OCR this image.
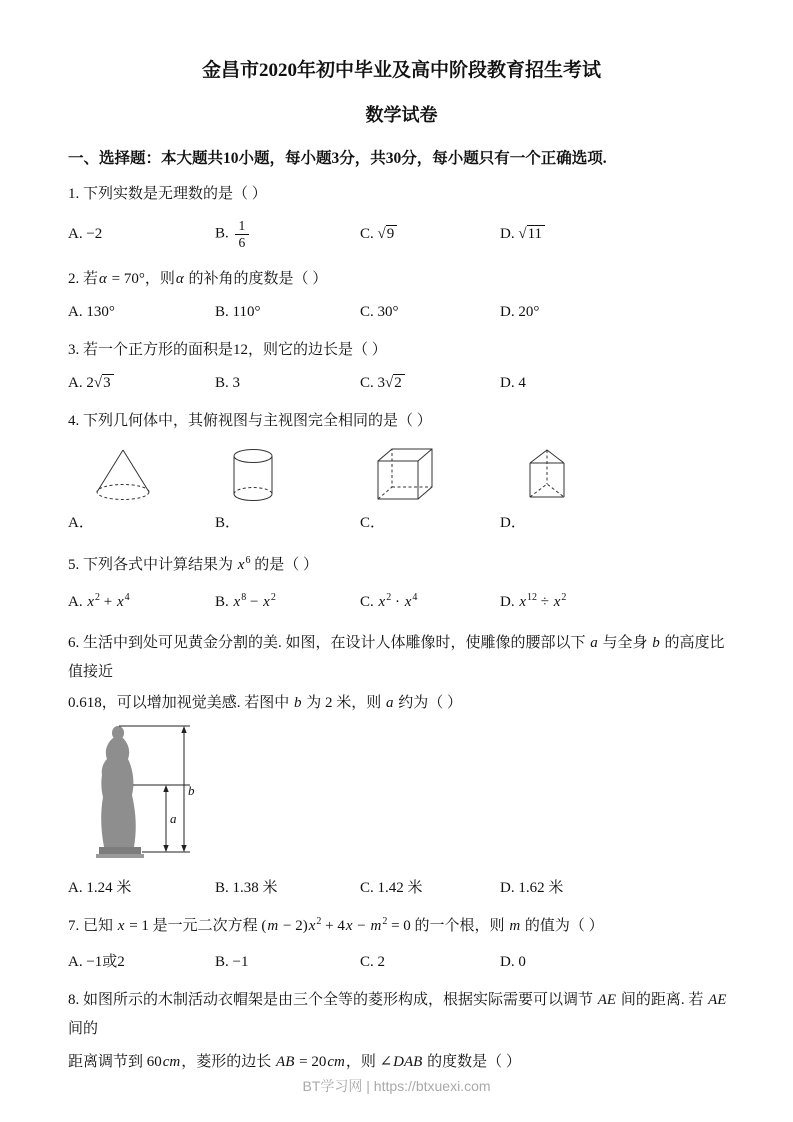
金昌市2020年初中毕业及高中阶段教育招生考试
数学试卷
一、选择题：本大题共10小题，每小题3分，共30分，每小题只有一个正确选项.
1. 下列实数是无理数的是（ ）
A. −2	B. $\frac{1}{6}$	C. √9	D. √11
2. 若α = 70°，则α 的补角的度数是（ ）
A. 130°	B. 110°	C. 30°	D. 20°
3. 若一个正方形的面积是12，则它的边长是（ ）
A. 2√3	B. 3	C. 3√2	D. 4
4. 下列几何体中，其俯视图与主视图完全相同的是（ ）
A．	B．	C．	D．
5. 下列各式中计算结果为 $x^6$ 的是（ ）
A. $x^2 + x^4$	B. $x^8 - x^2$	C. $x^2 \cdot x^4$	D. $x^{12} \div x^2$
6. 生活中到处可见黄金分割的美. 如图，在设计人体雕像时，使雕像的腰部以下 a 与全身 b 的高度比值接近
0.618，可以增加视觉美感. 若图中 b 为 2 米，则 a 约为（ ）
b
a
A. 1.24 米	B. 1.38 米	C. 1.42 米	D. 1.62 米
7. 已知 x = 1 是一元二次方程 $(m - 2)x^2 + 4x - m^2 = 0$ 的一个根，则 m 的值为（ ）
A. −1或2	B. −1	C. 2	D. 0
8. 如图所示的木制活动衣帽架是由三个全等的菱形构成，根据实际需要可以调节 AE 间的距离. 若 AE 间的
距离调节到 60cm，菱形的边长 AB = 20cm，则 ∠DAB 的度数是（ ）
BT学习网 | https://btxuexi.com
